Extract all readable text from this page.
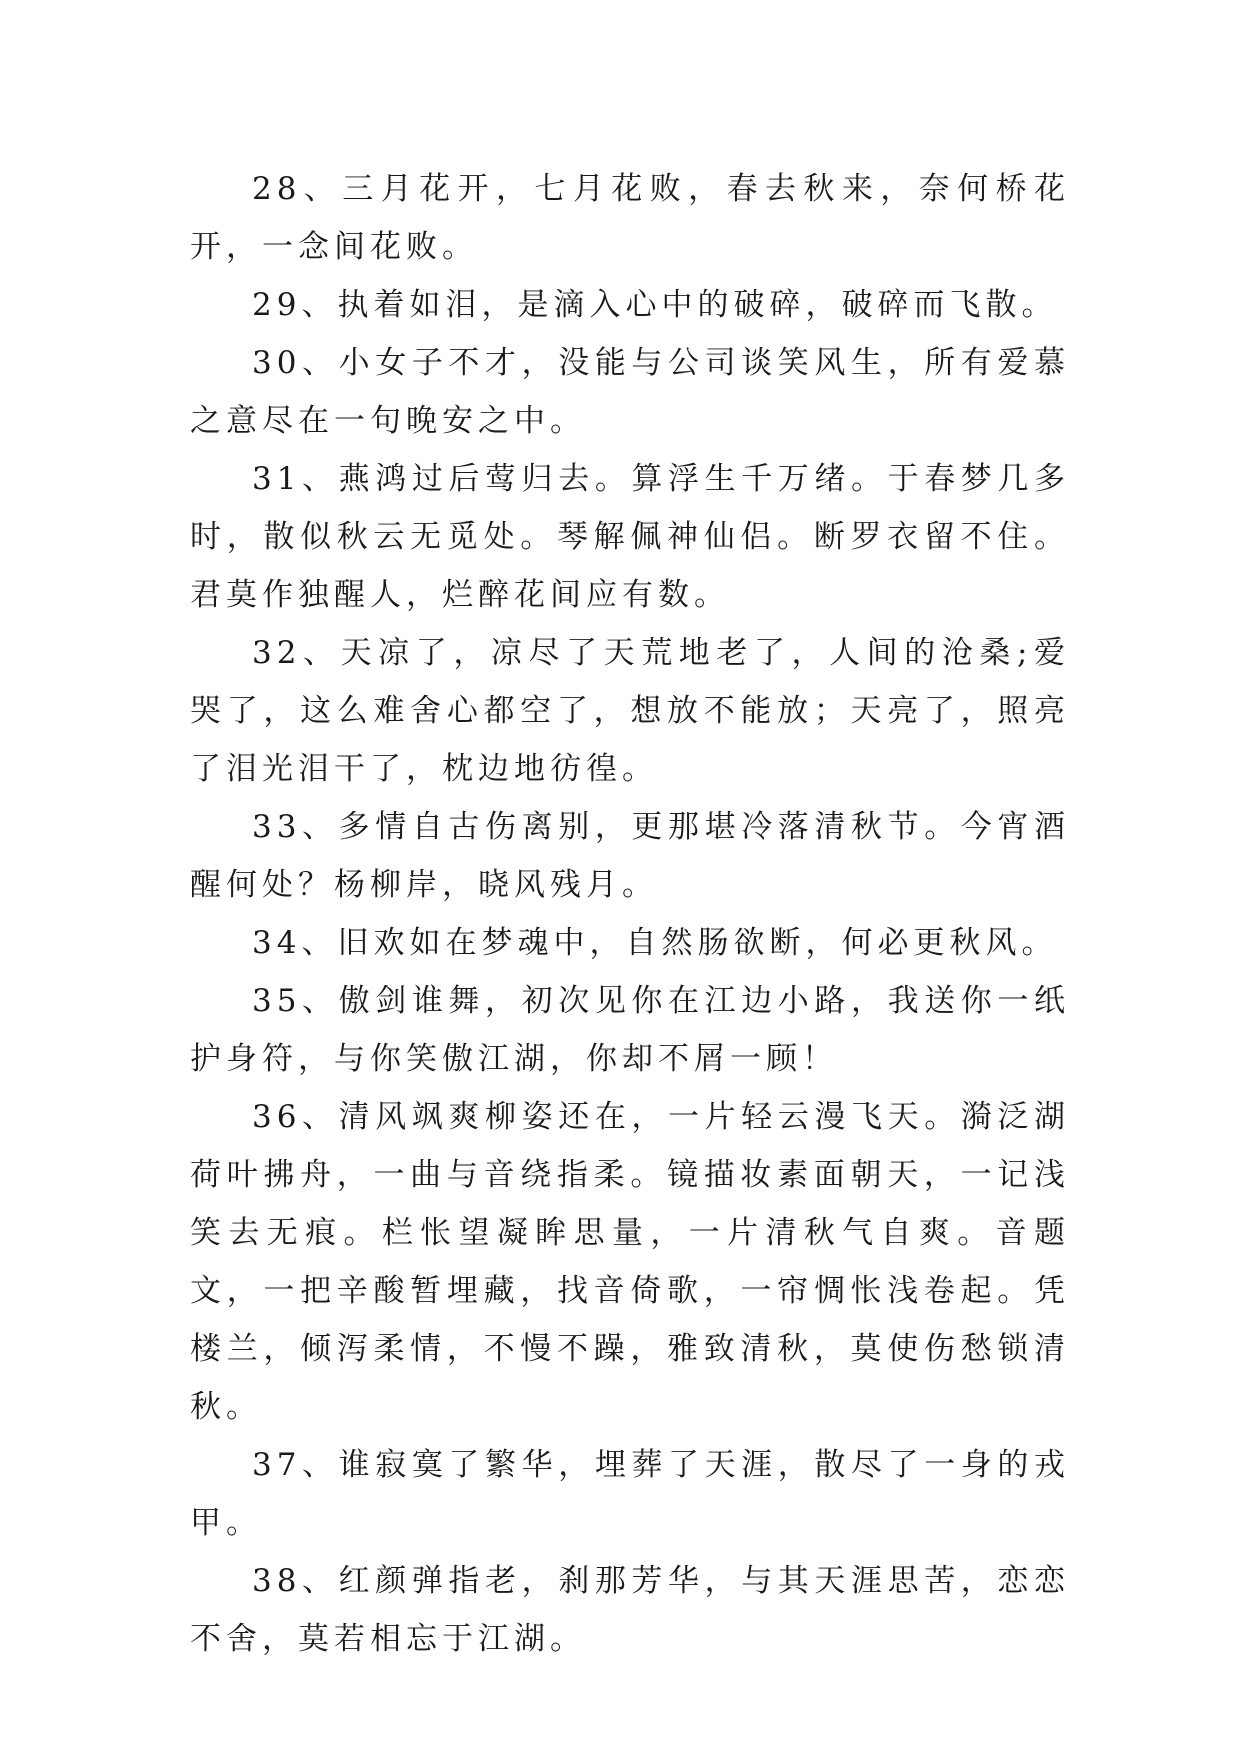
28、三月花开，七月花败，春去秋来，奈何桥花开，一念间花败。

29、执着如泪，是滴入心中的破碎，破碎而飞散。

30、小女子不才，没能与公司谈笑风生，所有爱慕之意尽在一句晚安之中。

31、燕鸿过后莺归去。算浮生千万绪。于春梦几多时，散似秋云无觅处。琴解佩神仙侣。断罗衣留不住。君莫作独醒人，烂醉花间应有数。

32、天凉了，凉尽了天荒地老了，人间的沧桑;爱哭了，这么难舍心都空了，想放不能放；天亮了，照亮了泪光泪干了，枕边地彷徨。

33、多情自古伤离别，更那堪冷落清秋节。今宵酒醒何处？杨柳岸，晓风残月。

34、旧欢如在梦魂中，自然肠欲断，何必更秋风。

35、傲剑谁舞，初次见你在江边小路，我送你一纸护身符，与你笑傲江湖，你却不屑一顾！

36、清风飒爽柳姿还在，一片轻云漫飞天。漪泛湖荷叶拂舟，一曲与音绕指柔。镜描妆素面朝天，一记浅笑去无痕。栏怅望凝眸思量，一片清秋气自爽。音题文，一把辛酸暂埋藏，找音倚歌，一帘惆怅浅卷起。凭楼兰，倾泻柔情，不慢不躁，雅致清秋，莫使伤愁锁清秋。

37、谁寂寞了繁华，埋葬了天涯，散尽了一身的戎甲。

38、红颜弹指老，刹那芳华，与其天涯思苦，恋恋不舍，莫若相忘于江湖。
